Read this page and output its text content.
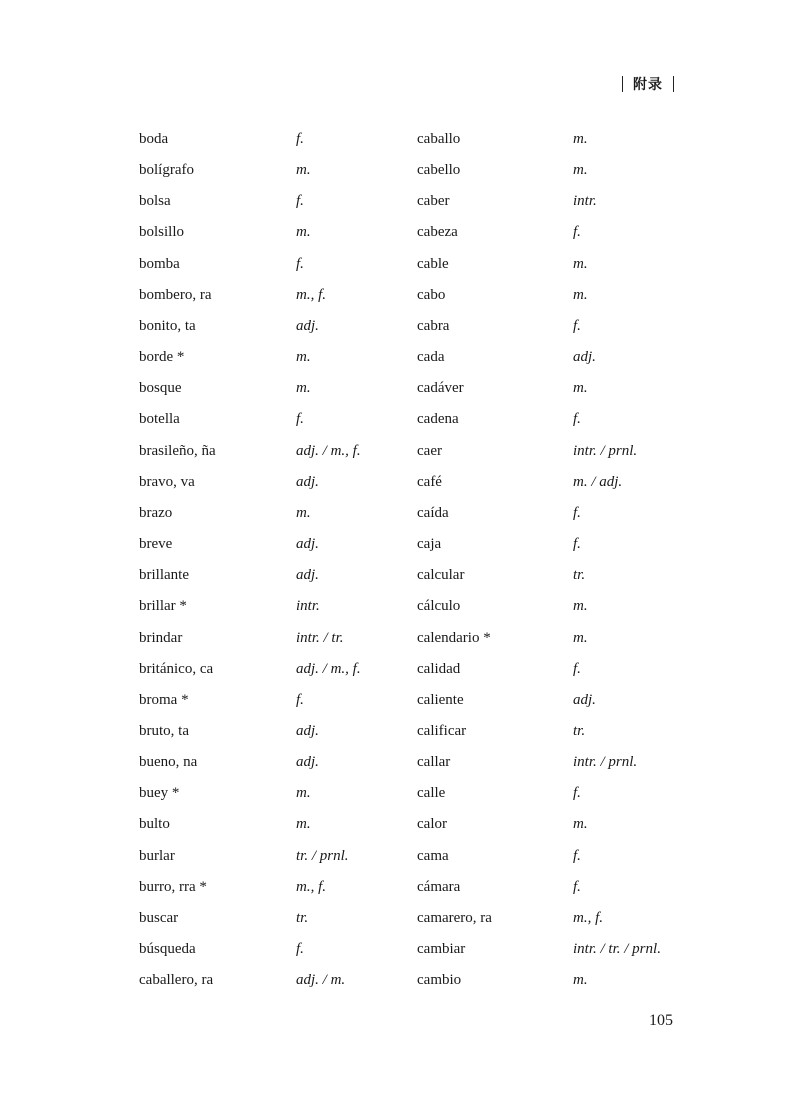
附录
boda	f.	caballo	m.
bolígrafo	m.	cabello	m.
bolsa	f.	caber	intr.
bolsillo	m.	cabeza	f.
bomba	f.	cable	m.
bombero, ra	m., f.	cabo	m.
bonito, ta	adj.	cabra	f.
borde *	m.	cada	adj.
bosque	m.	cadáver	m.
botella	f.	cadena	f.
brasileño, ña	adj. / m., f.	caer	intr. / prnl.
bravo, va	adj.	café	m. / adj.
brazo	m.	caída	f.
breve	adj.	caja	f.
brillante	adj.	calcular	tr.
brillar *	intr.	cálculo	m.
brindar	intr. / tr.	calendario *	m.
británico, ca	adj. / m., f.	calidad	f.
broma *	f.	caliente	adj.
bruto, ta	adj.	calificar	tr.
bueno, na	adj.	callar	intr. / prnl.
buey *	m.	calle	f.
bulto	m.	calor	m.
burlar	tr. / prnl.	cama	f.
burro, rra *	m., f.	cámara	f.
buscar	tr.	camarero, ra	m., f.
búsqueda	f.	cambiar	intr. / tr. / prnl.
caballero, ra	adj. / m.	cambio	m.
105
